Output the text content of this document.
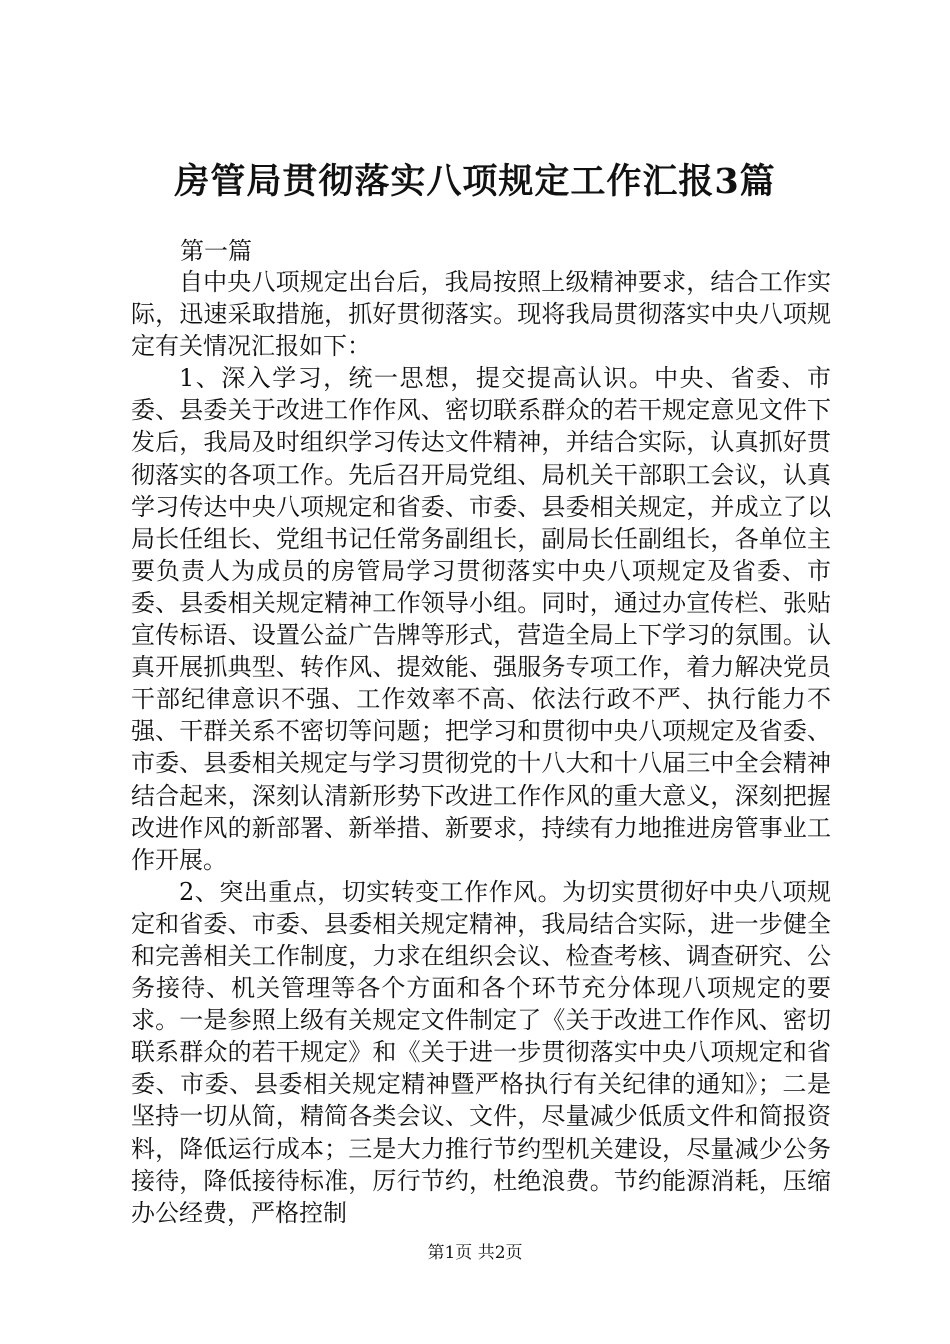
房管局贯彻落实八项规定工作汇报3篇
第一篇

自中央八项规定出台后，我局按照上级精神要求，结合工作实际，迅速采取措施，抓好贯彻落实。现将我局贯彻落实中央八项规定有关情况汇报如下：

1、深入学习，统一思想，提交提高认识。中央、省委、市委、县委关于改进工作作风、密切联系群众的若干规定意见文件下发后，我局及时组织学习传达文件精神，并结合实际，认真抓好贯彻落实的各项工作。先后召开局党组、局机关干部职工会议，认真学习传达中央八项规定和省委、市委、县委相关规定，并成立了以局长任组长、党组书记任常务副组长，副局长任副组长，各单位主要负责人为成员的房管局学习贯彻落实中央八项规定及省委、市委、县委相关规定精神工作领导小组。同时，通过办宣传栏、张贴宣传标语、设置公益广告牌等形式，营造全局上下学习的氛围。认真开展抓典型、转作风、提效能、强服务专项工作，着力解决党员干部纪律意识不强、工作效率不高、依法行政不严、执行能力不强、干群关系不密切等问题；把学习和贯彻中央八项规定及省委、市委、县委相关规定与学习贯彻党的十八大和十八届三中全会精神结合起来，深刻认清新形势下改进工作作风的重大意义，深刻把握改进作风的新部署、新举措、新要求，持续有力地推进房管事业工作开展。

2、突出重点，切实转变工作作风。为切实贯彻好中央八项规定和省委、市委、县委相关规定精神，我局结合实际，进一步健全和完善相关工作制度，力求在组织会议、检查考核、调查研究、公务接待、机关管理等各个方面和各个环节充分体现八项规定的要求。一是参照上级有关规定文件制定了《关于改进工作作风、密切联系群众的若干规定》和《关于进一步贯彻落实中央八项规定和省委、市委、县委相关规定精神暨严格执行有关纪律的通知》；二是坚持一切从简，精简各类会议、文件，尽量减少低质文件和简报资料，降低运行成本；三是大力推行节约型机关建设，尽量减少公务接待，降低接待标准，厉行节约，杜绝浪费。节约能源消耗，压缩办公经费，严格控制

第1页 共2页
